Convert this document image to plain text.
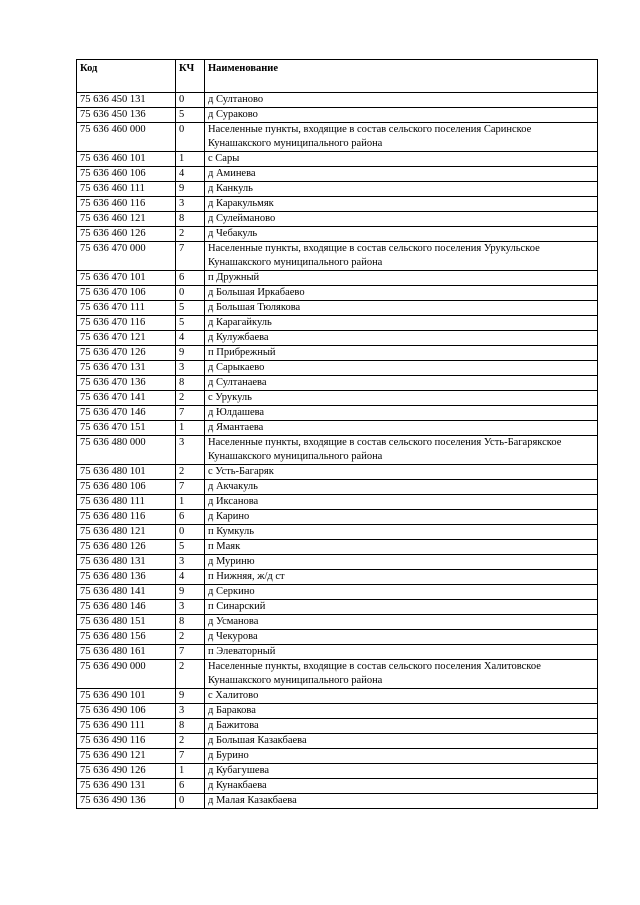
Код	КЧ	Наименование
75 636 450 131	0	д Султаново
75 636 450 136	5	д Сураково
75 636 460 000	0	Населенные пункты, входящие в состав сельского поселения Саринское Кунашакского муниципального района
75 636 460 101	1	с Сары
75 636 460 106	4	д Аминева
75 636 460 111	9	д Канкуль
75 636 460 116	3	д Каракульмяк
75 636 460 121	8	д Сулейманово
75 636 460 126	2	д Чебакуль
75 636 470 000	7	Населенные пункты, входящие в состав сельского поселения Урукульское Кунашакского муниципального района
75 636 470 101	6	п Дружный
75 636 470 106	0	д Большая Иркабаево
75 636 470 111	5	д Большая Тюлякова
75 636 470 116	5	д Карагайкуль
75 636 470 121	4	д Кулужбаева
75 636 470 126	9	п Прибрежный
75 636 470 131	3	д Сарыкаево
75 636 470 136	8	д Султанаева
75 636 470 141	2	с Урукуль
75 636 470 146	7	д Юлдашева
75 636 470 151	1	д Ямантаева
75 636 480 000	3	Населенные пункты, входящие в состав сельского поселения Усть-Багарякское Кунашакского муниципального района
75 636 480 101	2	с Усть-Багаряк
75 636 480 106	7	д Акчакуль
75 636 480 111	1	д Иксанова
75 636 480 116	6	д Карино
75 636 480 121	0	п Кумкуль
75 636 480 126	5	п Маяк
75 636 480 131	3	д Муриню
75 636 480 136	4	п Нижняя, ж/д ст
75 636 480 141	9	д Серкино
75 636 480 146	3	п Синарский
75 636 480 151	8	д Усманова
75 636 480 156	2	д Чекурова
75 636 480 161	7	п Элеваторный
75 636 490 000	2	Населенные пункты, входящие в состав сельского поселения Халитовское Кунашакского муниципального района
75 636 490 101	9	с Халитово
75 636 490 106	3	д Баракова
75 636 490 111	8	д Бажитова
75 636 490 116	2	д Большая Казакбаева
75 636 490 121	7	д Бурино
75 636 490 126	1	д Кубагушева
75 636 490 131	6	д Кунакбаева
75 636 490 136	0	д Малая Казакбаева
